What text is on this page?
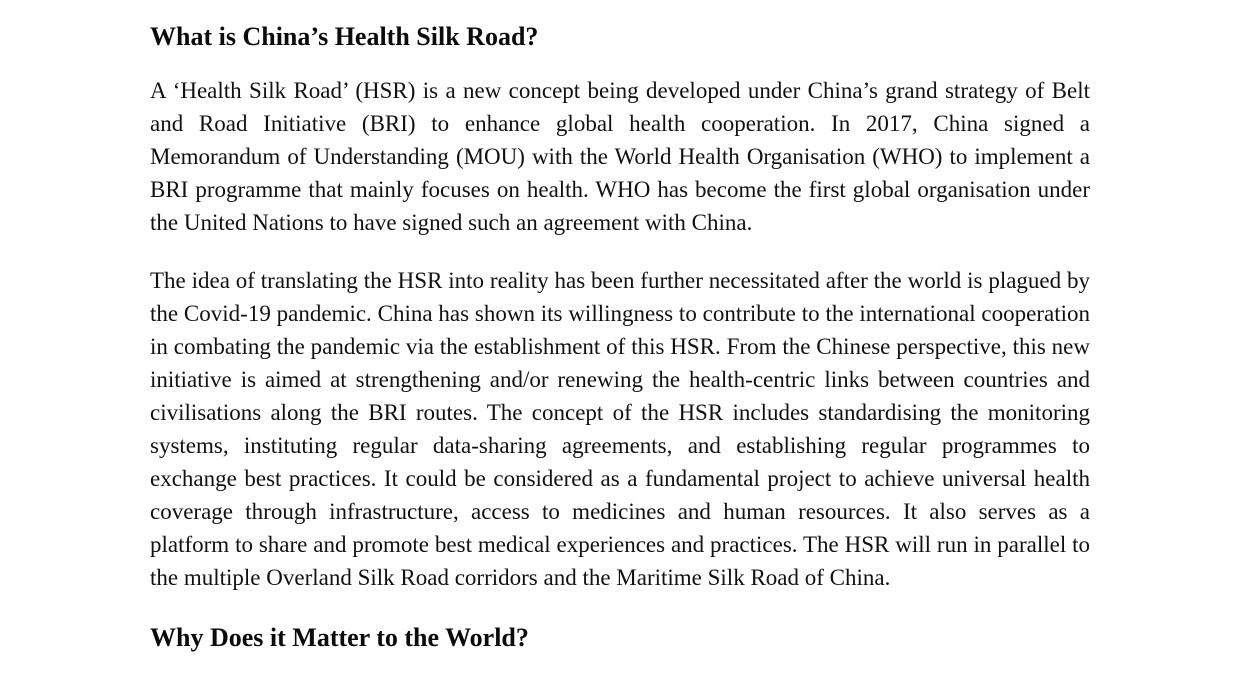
What is China’s Health Silk Road?

A ‘Health Silk Road’ (HSR) is a new concept being developed under China’s grand strategy of Belt and Road Initiative (BRI) to enhance global health cooperation. In 2017, China signed a Memorandum of Understanding (MOU) with the World Health Organisation (WHO) to implement a BRI programme that mainly focuses on health. WHO has become the first global organisation under the United Nations to have signed such an agreement with China.

The idea of translating the HSR into reality has been further necessitated after the world is plagued by the Covid-19 pandemic. China has shown its willingness to contribute to the international cooperation in combating the pandemic via the establishment of this HSR. From the Chinese perspective, this new initiative is aimed at strengthening and/or renewing the health-centric links between countries and civilisations along the BRI routes. The concept of the HSR includes standardising the monitoring systems, instituting regular data-sharing agreements, and establishing regular programmes to exchange best practices. It could be considered as a fundamental project to achieve universal health coverage through infrastructure, access to medicines and human resources. It also serves as a platform to share and promote best medical experiences and practices. The HSR will run in parallel to the multiple Overland Silk Road corridors and the Maritime Silk Road of China.

Why Does it Matter to the World?
